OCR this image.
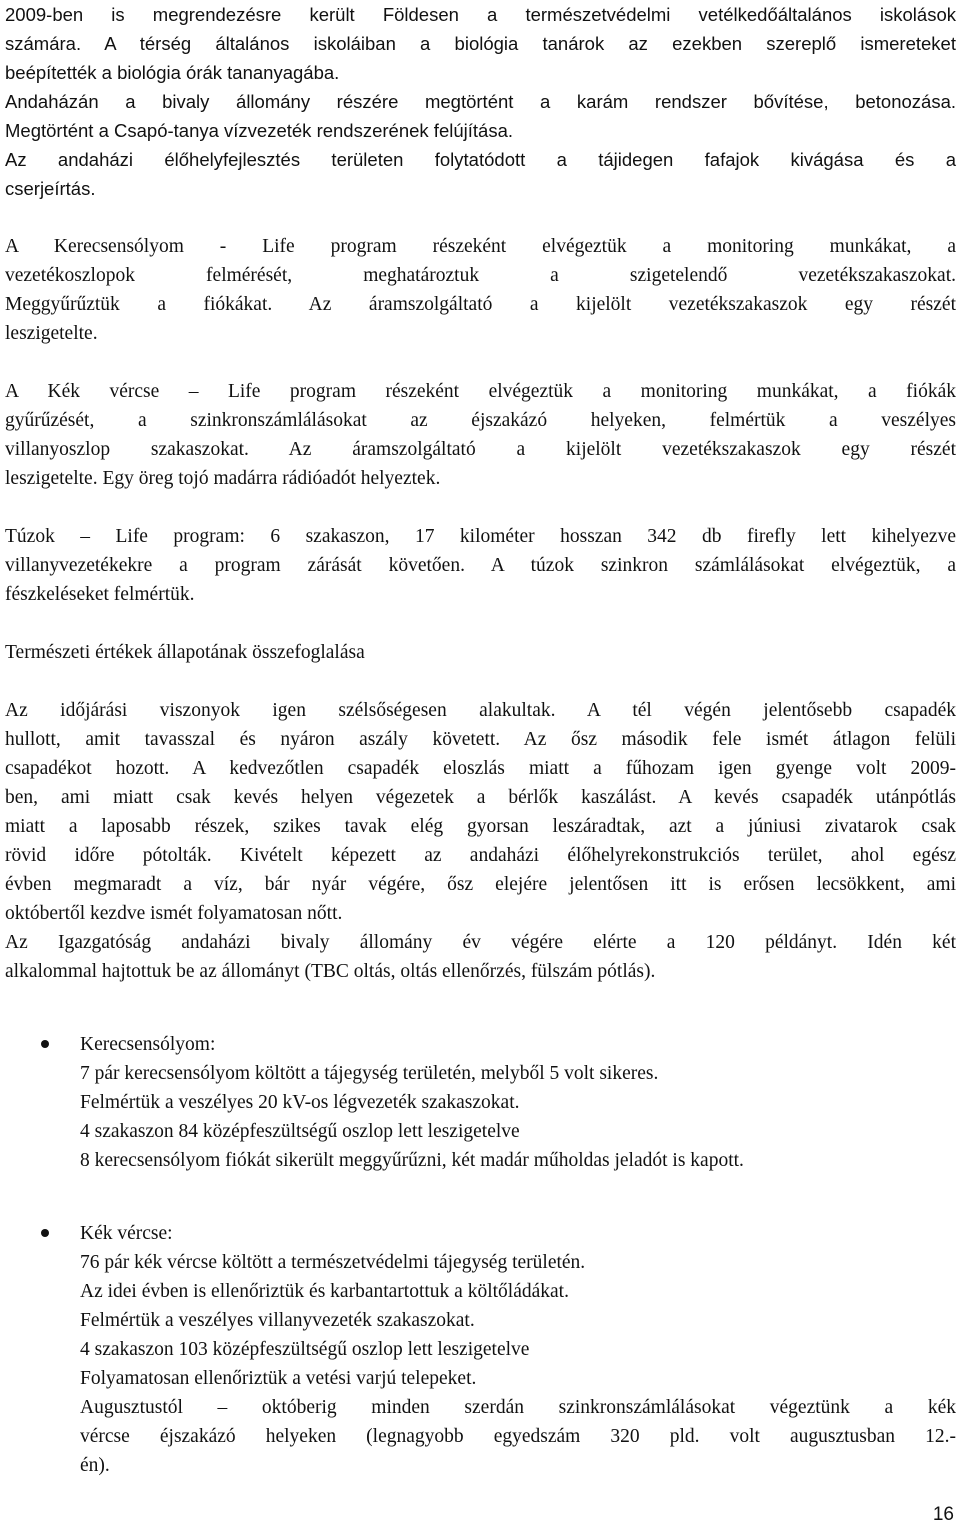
2009-ben is megrendezésre került Földesen a természetvédelmi vetélkedőáltalános iskolások
számára. A térség általános iskoláiban a biológia tanárok az ezekben szereplő ismereteket
beépítették a biológia órák tananyagába.
Andaházán a bivaly állomány részére megtörtént a karám rendszer bővítése, betonozása.
Megtörtént a Csapó-tanya vízvezeték rendszerének felújítása.
Az andaházi élőhelyfejlesztés területen folytatódott a tájidegen fafajok kivágása és a
cserjeírtás.
A Kerecsensólyom - Life program részeként elvégeztük a monitoring munkákat, a
vezetékoszlopok felmérését, meghatároztuk a szigetelendő vezetékszakaszokat.
Meggyűrűztük a fiókákat. Az áramszolgáltató a kijelölt vezetékszakaszok egy részét
leszigetelte.
A Kék vércse – Life program részeként elvégeztük a monitoring munkákat, a fiókák
gyűrűzését, a szinkronszámlálásokat az éjszakázó helyeken, felmértük a veszélyes
villanyoszlop szakaszokat. Az áramszolgáltató a kijelölt vezetékszakaszok egy részét
leszigetelte. Egy öreg tojó madárra rádióadót helyeztek.
Túzok – Life program: 6 szakaszon, 17 kilométer hosszan 342 db firefly lett kihelyezve
villanyvezetékekre a program zárását követően. A túzok szinkron számlálásokat elvégeztük, a
fészkeléseket felmértük.
Természeti értékek állapotának összefoglalása
Az időjárási viszonyok igen szélsőségesen alakultak. A tél végén jelentősebb csapadék
hullott, amit tavasszal és nyáron aszály követett. Az ősz második fele ismét átlagon felüli
csapadékot hozott. A kedvezőtlen csapadék eloszlás miatt a fűhozam igen gyenge volt 2009-
ben, ami miatt csak kevés helyen végezetek a bérlők kaszálást. A kevés csapadék utánpótlás
miatt a laposabb részek, szikes tavak elég gyorsan leszáradtak, azt a júniusi zivatarok csak
rövid időre pótolták. Kivételt képezett az andaházi élőhelyrekonstrukciós terület, ahol egész
évben megmaradt a víz, bár nyár végére, ősz elejére jelentősen itt is erősen lecsökkent, ami
októbertől kezdve ismét folyamatosan nőtt.
Az Igazgatóság andaházi bivaly állomány év végére elérte a 120 példányt. Idén két
alkalommal hajtottuk be az állományt (TBC oltás, oltás ellenőrzés, fülszám pótlás).
Kerecsensólyom:
7 pár kerecsensólyom költött a tájegység területén, melyből 5 volt sikeres.
Felmértük a veszélyes 20 kV-os légvezeték szakaszokat.
4 szakaszon 84 középfeszültségű oszlop lett leszigetelve
8 kerecsensólyom fiókát sikerült meggyűrűzni, két madár műholdas jeladót is kapott.
Kék vércse:
76 pár kék vércse költött a természetvédelmi tájegység területén.
Az idei évben is ellenőriztük és karbantartottuk a költőládákat.
Felmértük a veszélyes villanyvezeték szakaszokat.
4 szakaszon 103 középfeszültségű oszlop lett leszigetelve
Folyamatosan ellenőriztük a vetési varjú telepeket.
Augusztustól – októberig minden szerdán szinkronszámlálásokat végeztünk a kék
vércse éjszakázó helyeken (legnagyobb egyedszám 320 pld. volt augusztusban 12.-
én).
16
